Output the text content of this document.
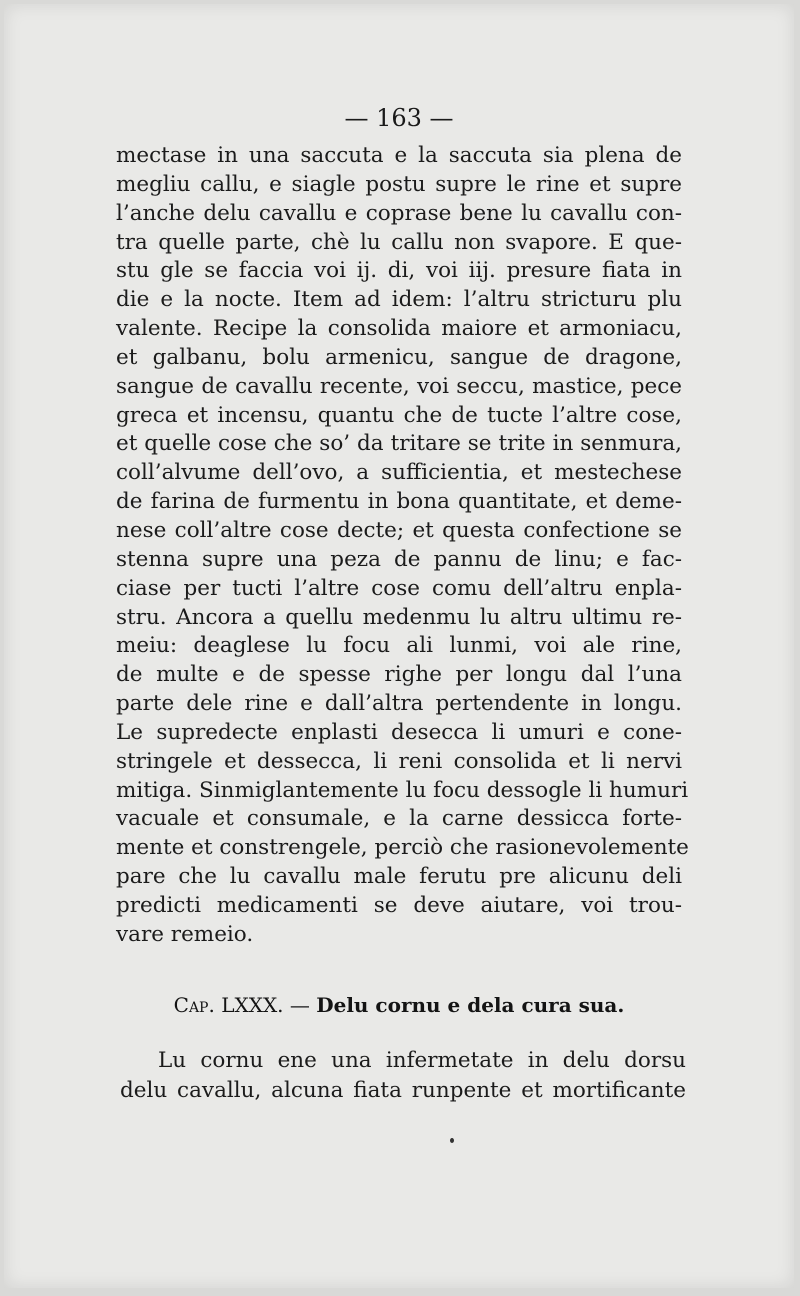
— 163 —
mectase in una saccuta e la saccuta sia plena de
megliu callu, e siagle postu supre le rine et supre
l’anche delu cavallu e coprase bene lu cavallu con-
tra quelle parte, chè lu callu non svapore. E que-
stu gle se faccia voi ij. di, voi iij. presure fiata in
die e la nocte. Item ad idem: l’altru stricturu plu
valente. Recipe la consolida maiore et armoniacu,
et galbanu, bolu armenicu, sangue de dragone,
sangue de cavallu recente, voi seccu, mastice, pece
greca et incensu, quantu che de tucte l’altre cose,
et quelle cose che so’ da tritare se trite in senmura,
coll’alvume dell’ovo, a sufficientia, et mestechese
de farina de furmentu in bona quantitate, et deme-
nese coll’altre cose decte; et questa confectione se
stenna supre una peza de pannu de linu; e fac-
ciase per tucti l’altre cose comu dell’altru enpla-
stru. Ancora a quellu medenmu lu altru ultimu re-
meiu: deaglese lu focu ali lunmi, voi ale rine,
de multe e de spesse righe per longu dal l’una
parte dele rine e dall’altra pertendente in longu.
Le supredecte enplasti desecca li umuri e cone-
stringele et dessecca, li reni consolida et li nervi
mitiga. Sinmiglantemente lu focu dessogle li humuri
vacuale et consumale, e la carne dessicca forte-
mente et constrengele, perciò che rasionevolemente
pare che lu cavallu male ferutu pre alicunu deli
predicti medicamenti se deve aiutare, voi trou-
vare remeio.
Cap. LXXX. — Delu cornu e dela cura sua.
Lu cornu ene una infermetate in delu dorsu
delu cavallu, alcuna fiata runpente et mortificante
